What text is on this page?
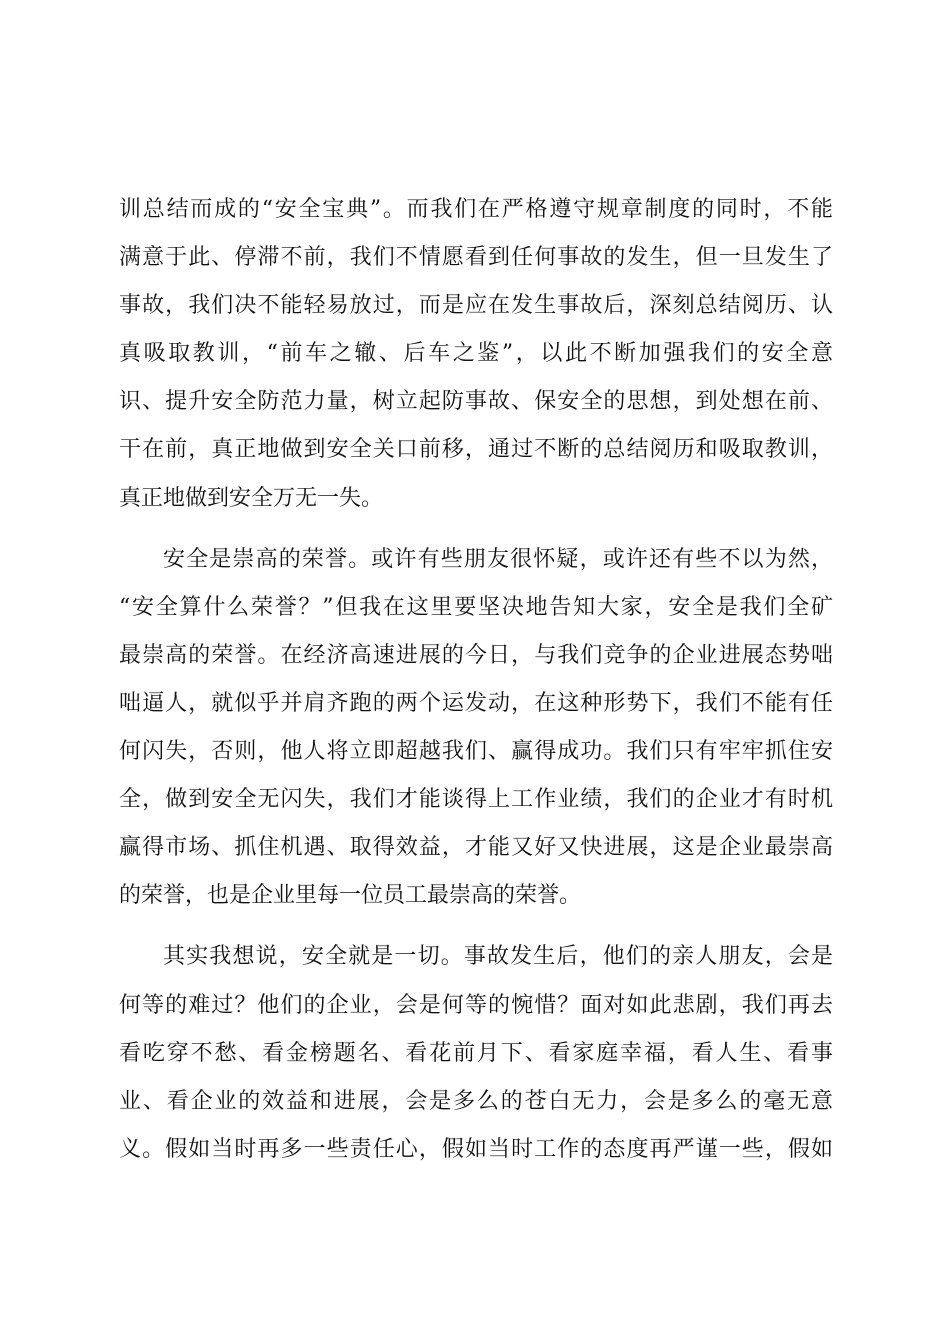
训总结而成的“安全宝典”。而我们在严格遵守规章制度的同时，不能
满意于此、停滞不前，我们不情愿看到任何事故的发生，但一旦发生了
事故，我们决不能轻易放过，而是应在发生事故后，深刻总结阅历、认
真吸取教训，“前车之辙、后车之鉴”，以此不断加强我们的安全意
识、提升安全防范力量，树立起防事故、保安全的思想，到处想在前、
干在前，真正地做到安全关口前移，通过不断的总结阅历和吸取教训，
真正地做到安全万无一失。
安全是崇高的荣誉。或许有些朋友很怀疑，或许还有些不以为然，
“安全算什么荣誉？”但我在这里要坚决地告知大家，安全是我们全矿
最崇高的荣誉。在经济高速进展的今日，与我们竞争的企业进展态势咄
咄逼人，就似乎并肩齐跑的两个运发动，在这种形势下，我们不能有任
何闪失，否则，他人将立即超越我们、赢得成功。我们只有牢牢抓住安
全，做到安全无闪失，我们才能谈得上工作业绩，我们的企业才有时机
赢得市场、抓住机遇、取得效益，才能又好又快进展，这是企业最崇高
的荣誉，也是企业里每一位员工最崇高的荣誉。
其实我想说，安全就是一切。事故发生后，他们的亲人朋友，会是
何等的难过？他们的企业，会是何等的惋惜？面对如此悲剧，我们再去
看吃穿不愁、看金榜题名、看花前月下、看家庭幸福，看人生、看事
业、看企业的效益和进展，会是多么的苍白无力，会是多么的毫无意
义。假如当时再多一些责任心，假如当时工作的态度再严谨一些，假如
